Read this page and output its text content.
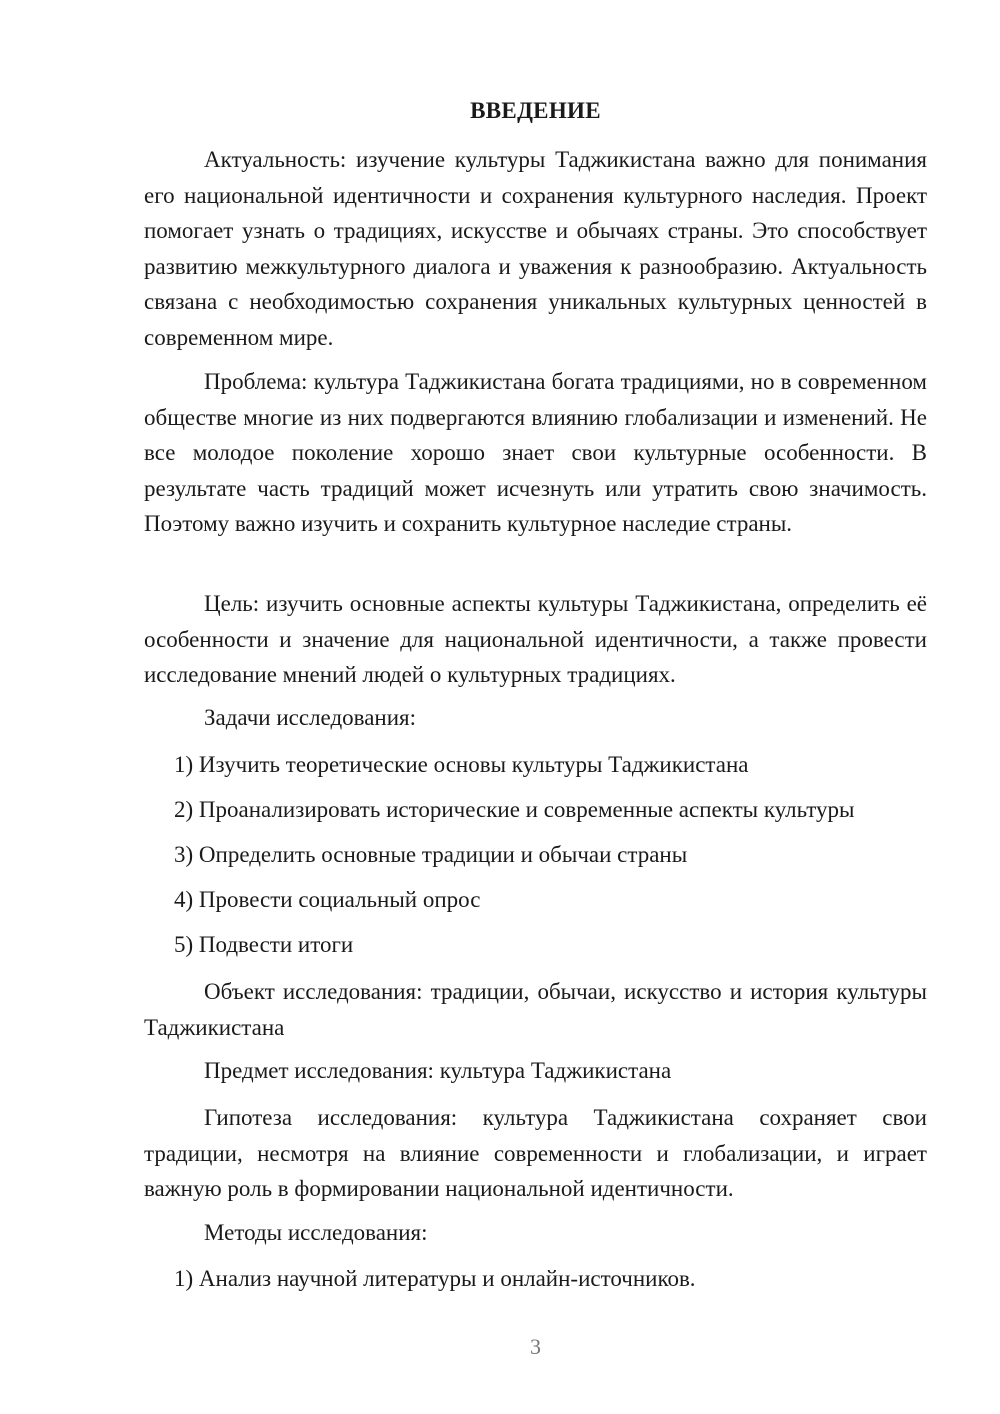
ВВЕДЕНИЕ

Актуальность: изучение культуры Таджикистана важно для понимания его национальной идентичности и сохранения культурного наследия. Проект помогает узнать о традициях, искусстве и обычаях страны. Это способствует развитию межкультурного диалога и уважения к разнообразию. Актуальность связана с необходимостью сохранения уникальных культурных ценностей в современном мире.

Проблема: культура Таджикистана богата традициями, но в современном обществе многие из них подвергаются влиянию глобализации и изменений. Не все молодое поколение хорошо знает свои культурные особенности. В результате часть традиций может исчезнуть или утратить свою значимость. Поэтому важно изучить и сохранить культурное наследие страны.

Цель: изучить основные аспекты культуры Таджикистана, определить её особенности и значение для национальной идентичности, а также провести исследование мнений людей о культурных традициях.

Задачи исследования:
1) Изучить теоретические основы культуры Таджикистана
2) Проанализировать исторические и современные аспекты культуры
3) Определить основные традиции и обычаи страны
4) Провести социальный опрос
5) Подвести итоги

Объект исследования: традиции, обычаи, искусство и история культуры Таджикистана

Предмет исследования: культура Таджикистана

Гипотеза исследования: культура Таджикистана сохраняет свои традиции, несмотря на влияние современности и глобализации, и играет важную роль в формировании национальной идентичности.

Методы исследования:
1) Анализ научной литературы и онлайн-источников.
3
